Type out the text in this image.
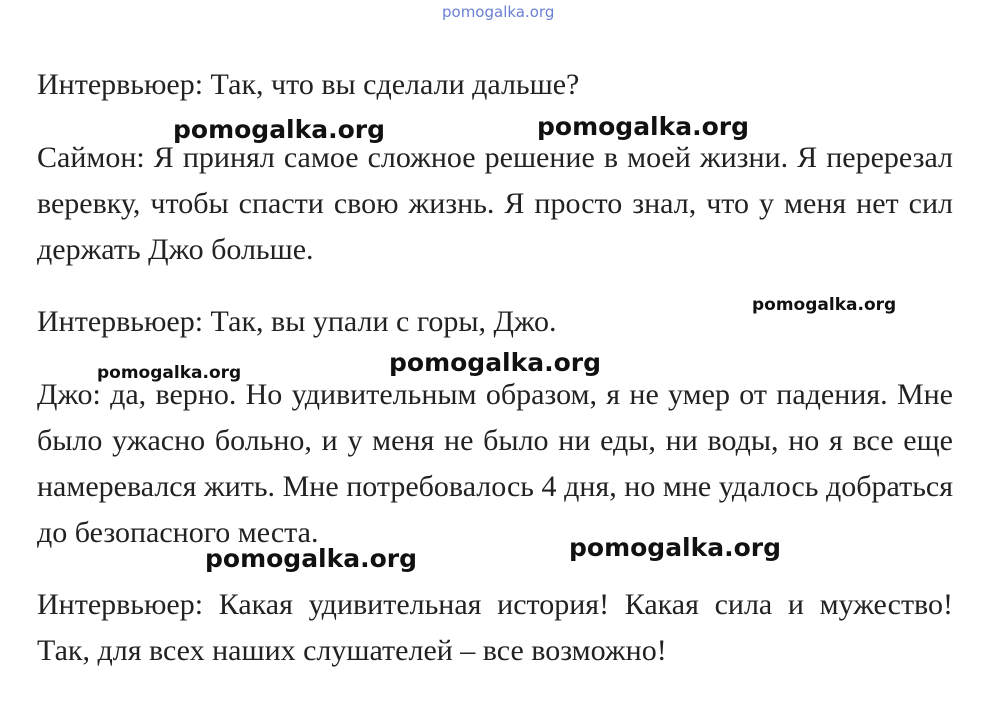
pomogalka.org

Интервьюер: Так, что вы сделали дальше?

Саймон: Я принял самое сложное решение в моей жизни. Я перерезал веревку, чтобы спасти свою жизнь. Я просто знал, что у меня нет сил держать Джо больше.

Интервьюер: Так, вы упали с горы, Джо.

Джо: да, верно. Но удивительным образом, я не умер от падения. Мне было ужасно больно, и у меня не было ни еды, ни воды, но я все еще намеревался жить. Мне потребовалось 4 дня, но мне удалось добраться до безопасного места.

Интервьюер: Какая удивительная история! Какая сила и мужество! Так, для всех наших слушателей – все возможно!

pomogalka.org	pomogalka.org
pomogalka.org
pomogalka.org
pomogalka.org
pomogalka.org
pomogalka.org
